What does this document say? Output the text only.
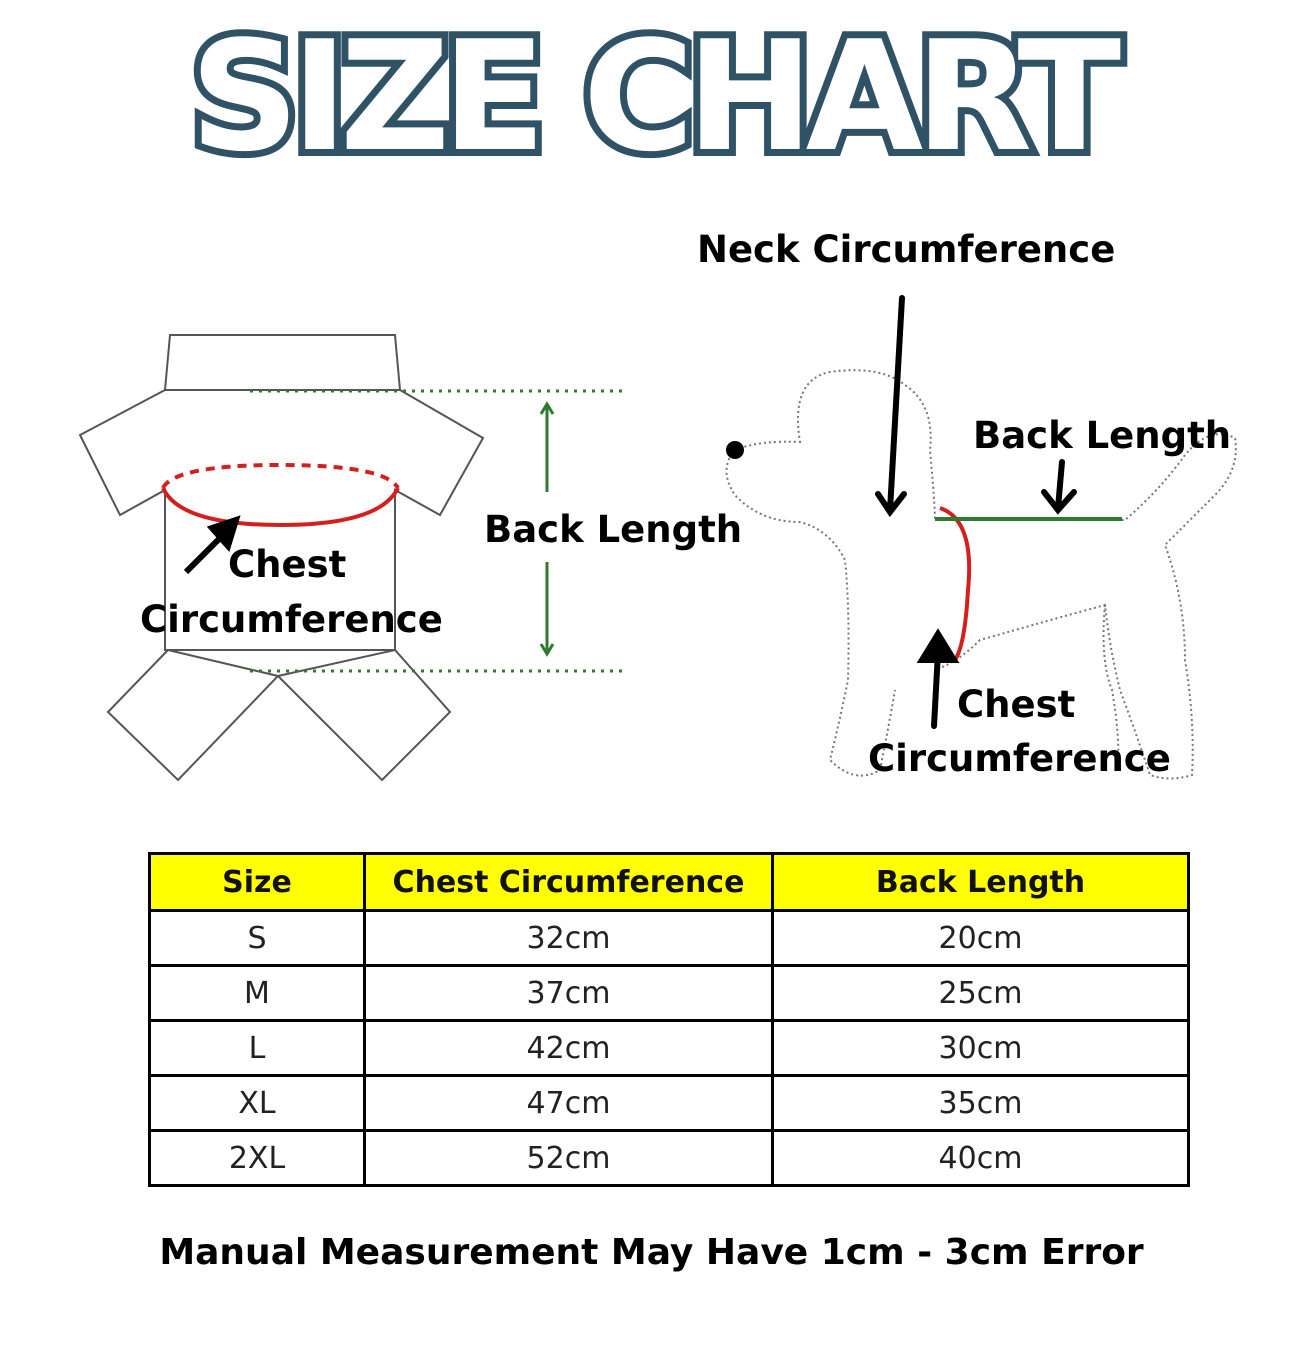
SIZE CHART
Back Length
Chest
Circumference
Neck Circumference
Back Length
Chest
Circumference
Size	Chest Circumference	Back Length
S	32cm	20cm
M	37cm	25cm
L	42cm	30cm
XL	47cm	35cm
2XL	52cm	40cm
Manual Measurement May Have 1cm - 3cm Error
